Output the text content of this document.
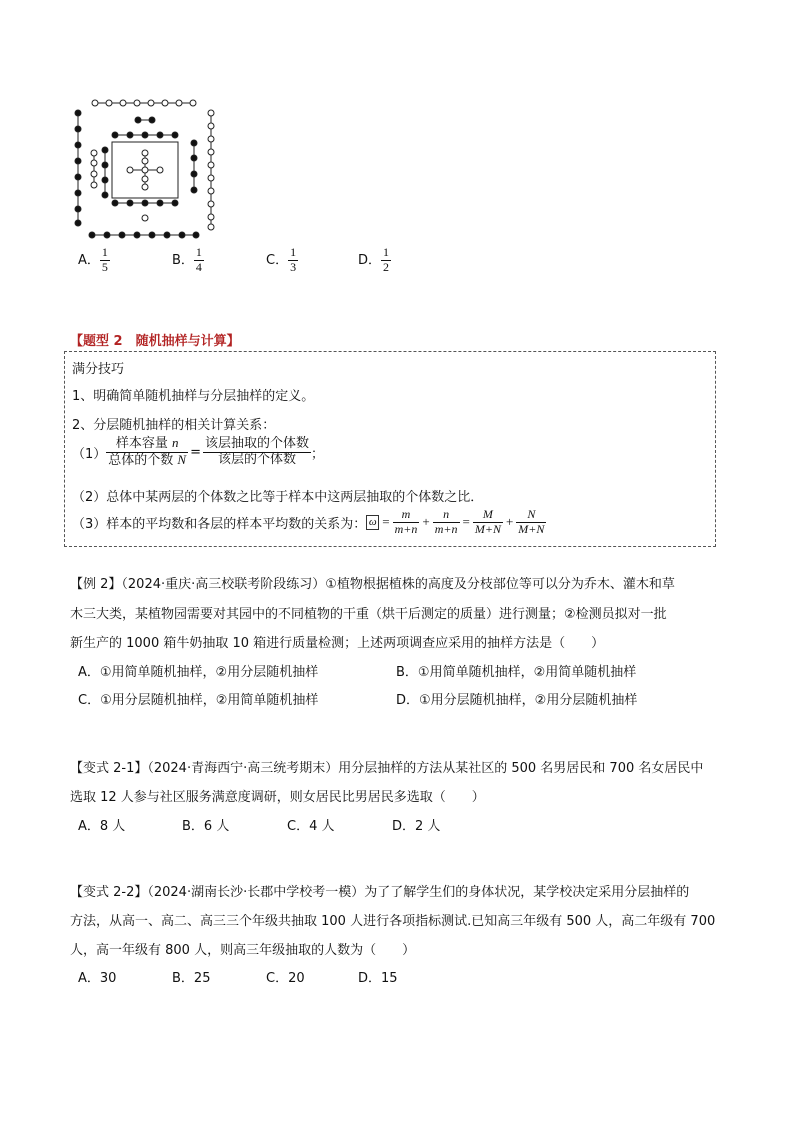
A． $\frac{1}{5}$	B． $\frac{1}{4}$	C． $\frac{1}{3}$	D． $\frac{1}{2}$
【题型 2　随机抽样与计算】
满分技巧
1、明确简单随机抽样与分层抽样的定义。
2、分层随机抽样的相关计算关系：
$(1) \frac{\text{样本容量 n}}{\text{总体的个数 N}} = \frac{\text{该层抽取的个体数}}{\text{该层的个体数}}$ ；
（2）总体中某两层的个体数之比等于样本中这两层抽取的个体数之比．
（3）样本的平均数和各层的样本平均数的关系为： $\omega = \frac{m}{m+n} + \frac{n}{m+n} = \frac{M}{M+N} + \frac{N}{M+N}$
【例 2】（2024·重庆·高三校联考阶段练习）①植物根据植株的高度及分枝部位等可以分为乔木、灌木和草
木三大类，某植物园需要对其园中的不同植物的干重（烘干后测定的质量）进行测量；②检测员拟对一批
新生产的 1000 箱牛奶抽取 10 箱进行质量检测；上述两项调查应采用的抽样方法是（　　）
A．①用简单随机抽样，②用分层随机抽样	B．①用简单随机抽样，②用简单随机抽样
C．①用分层随机抽样，②用简单随机抽样	D．①用分层随机抽样，②用分层随机抽样
【变式 2-1】（2024·青海西宁·高三统考期末）用分层抽样的方法从某社区的 500 名男居民和 700 名女居民中
选取 12 人参与社区服务满意度调研，则女居民比男居民多选取（　　）
A．8 人	B．6 人	C．4 人	D．2 人
【变式 2-2】（2024·湖南长沙·长郡中学校考一模）为了了解学生们的身体状况，某学校决定采用分层抽样的
方法，从高一、高二、高三三个年级共抽取 100 人进行各项指标测试.已知高三年级有 500 人，高二年级有 700
人，高一年级有 800 人，则高三年级抽取的人数为（　　）
A．30	B．25	C．20	D．15
